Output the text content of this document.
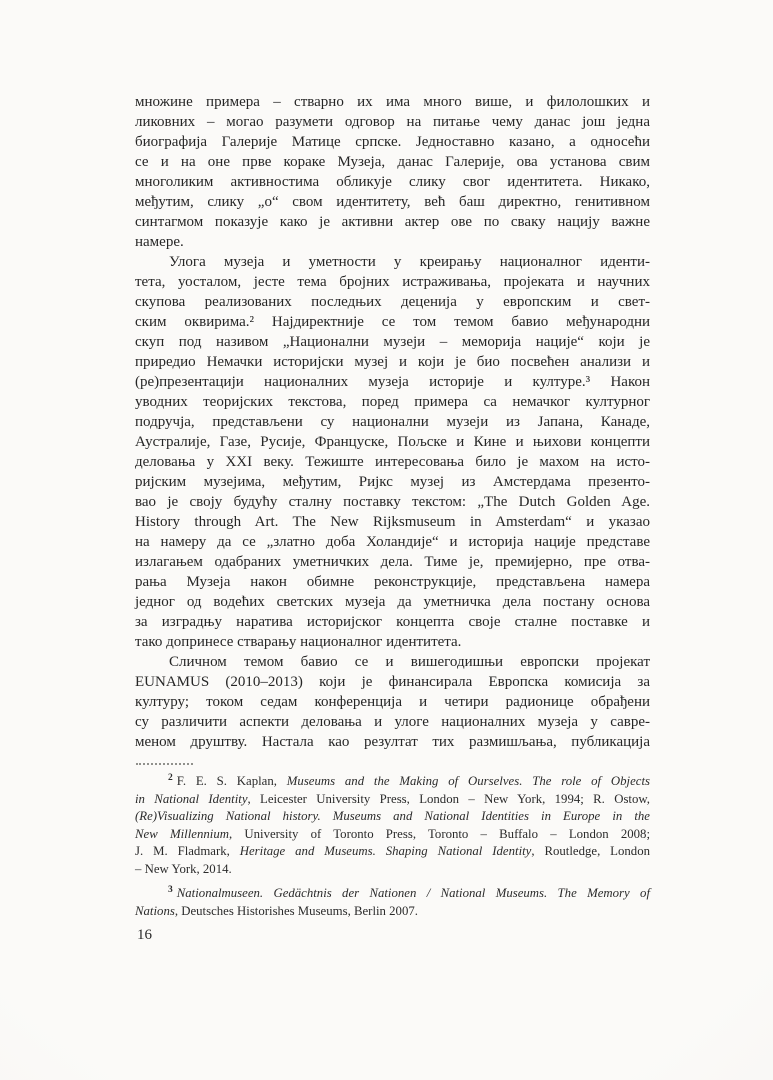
множине примера – стварно их има много више, и филолошких и
ликовних – могао разумети одговор на питање чему данас још једна
биографија Галерије Матице српске. Једноставно казано, а односећи
се и на оне прве кораке Музеја, данас Галерије, ова установа свим
многоликим активностима обликује слику свог идентитета. Никако,
међутим, слику „о“ свом идентитету, већ баш директно, генитивном
синтагмом показује како је активни актер ове по сваку нацију важне
намере.
Улога музеја и уметности у креирању националног иденти-
тета, уосталом, јесте тема бројних истраживања, пројеката и научних
скупова реализованих последњих деценија у европским и свет-
ским оквирима.² Најдиректније се том темом бавио међународни
скуп под називом „Национални музеји – меморија нације“ који је
приредио Немачки историјски музеј и који је био посвећен анализи и
(ре)презентацији националних музеја историје и културе.³ Након
уводних теоријских текстова, поред примера са немачког културног
подручја, представљени су национални музеји из Јапана, Канаде,
Аустралије, Газе, Русије, Француске, Пољске и Кине и њихови концепти
деловања у XXI веку. Тежиште интересовања било је махом на исто-
ријским музејима, међутим, Ријкс музеј из Амстердама презенто-
вао је своју будућу сталну поставку текстом: „The Dutch Golden Age.
History through Art. The New Rijksmuseum in Amsterdam“ и указао
на намеру да се „златно доба Холандије“ и историја нације представе
излагањем одабраних уметничких дела. Тиме је, премијерно, пре отва-
рања Музеја након обимне реконструкције, представљена намера
једног од водећих светских музеја да уметничка дела постану основа
за изградњу наратива историјског концепта своје сталне поставке и
тако допринесе стварању националног идентитета.
Сличном темом бавио се и вишегодишњи европски пројекат
EUNAMUS (2010–2013) који је финансирала Европска комисија за
културу; током седам конференција и четири радионице обрађени
су различити аспекти деловања и улоге националних музеја у савре-
меном друштву. Настала као резултат тих размишљања, публикација
$^2$ F. E. S. Kaplan, Museums and the Making of Ourselves. The role of Objects
in National Identity, Leicester University Press, London – New York, 1994; R. Ostow,
(Re)Visualizing National history. Museums and National Identities in Europe in the
New Millennium, University of Toronto Press, Toronto – Buffalo – London 2008;
J. M. Fladmark, Heritage and Museums. Shaping National Identity, Routledge, London
– New York, 2014.
$^3$ Nationalmuseen. Gedächtnis der Nationen / National Museums. The Memory of
Nations, Deutsches Historishes Museums, Berlin 2007.
16
